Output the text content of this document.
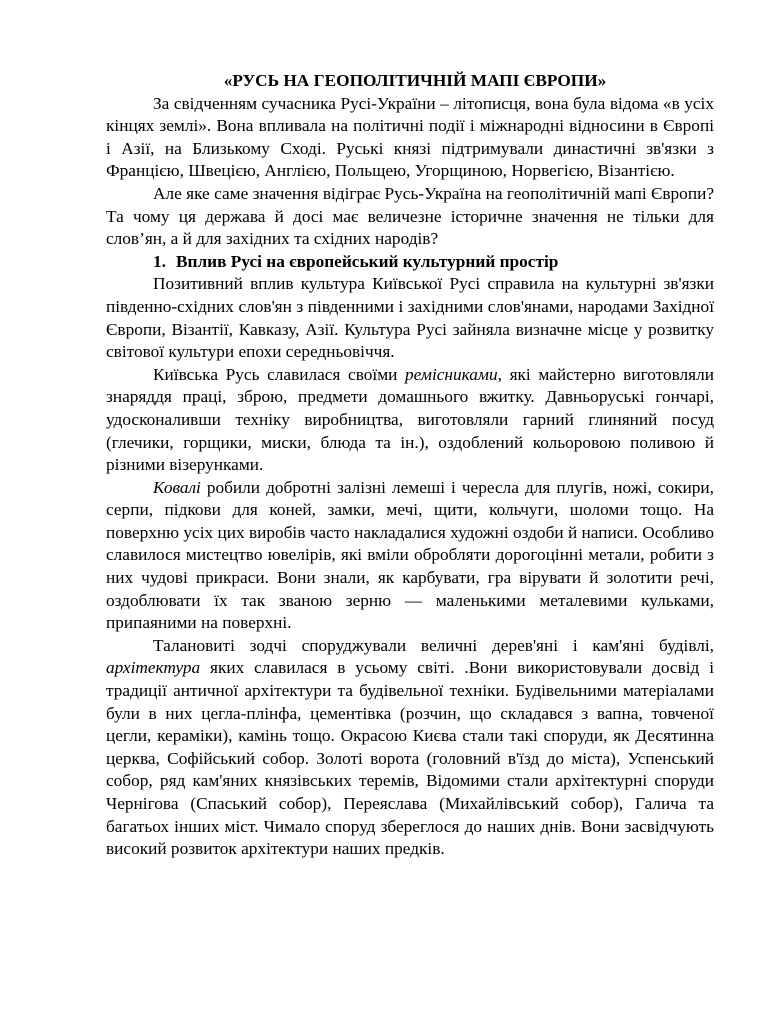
«РУСЬ НА ГЕОПОЛІТИЧНІЙ МАПІ ЄВРОПИ»

За свідченням сучасника Русі-України – літописця, вона була відома «в усіх кінцях землі». Вона впливала на політичні події і міжнародні відносини в Європі і Азії, на Близькому Сході. Руські князі підтримували династичні зв'язки з Францією, Швецією, Англією, Польщею, Угорщиною, Норвегією, Візантією.

Але яке саме значення відіграє Русь-Україна на геополітичній мапі Європи? Та чому ця держава й досі має величезне історичне значення не тільки для слов’ян, а й для західних та східних народів?

1. Вплив Русі на європейський культурний простір

Позитивний вплив культура Київської Русі справила на культурні зв'язки південно-східних слов'ян з південними і західними слов'янами, народами Західної Європи, Візантії, Кавказу, Азії. Культура Русі зайняла визначне місце у розвитку світової культури епохи середньовіччя.

Київська Русь славилася своїми ремісниками, які майстерно виготовляли знаряддя праці, зброю, предмети домашнього вжитку. Давньоруські гончарі, удосконаливши техніку виробництва, виготовляли гарний глиняний посуд (глечики, горщики, миски, блюда та ін.), оздоблений кольоровою поливою й різними візерунками.

Ковалі робили добротні залізні лемеші і чересла для плугів, ножі, сокири, серпи, підкови для коней, замки, мечі, щити, кольчуги, шоломи тощо. На поверхню усіх цих виробів часто накладалися художні оздоби й написи. Особливо славилося мистецтво ювелірів, які вміли обробляти дорогоцінні метали, робити з них чудові прикраси. Вони знали, як карбувати, гра вірувати й золотити речі, оздоблювати їх так званою зерню — маленькими металевими кульками, припаяними на поверхні.

Талановиті зодчі споруджували величні дерев'яні і кам'яні будівлі, архітектура яких славилася в усьому світі. .Вони використовували досвід і традиції античної архітектури та будівельної техніки. Будівельними матеріалами були в них цегла-плінфа, цементівка (розчин, що складався з вапна, товченої цегли, кераміки), камінь тощо. Окрасою Києва стали такі споруди, як Десятинна церква, Софійський собор. Золоті ворота (головний в'їзд до міста), Успенський собор, ряд кам'яних князівських теремів, Відомими стали архітектурні споруди Чернігова (Спаський собор), Переяслава (Михайлівський собор), Галича та багатьох інших міст. Чимало споруд збереглося до наших днів. Вони засвідчують високий розвиток архітектури наших предків.
